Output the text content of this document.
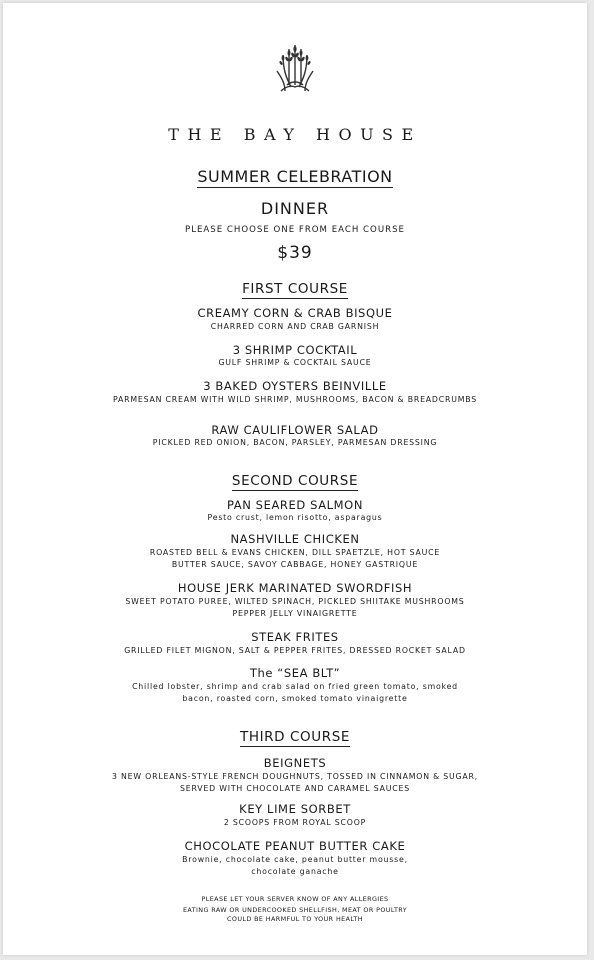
THE BAY HOUSE
SUMMER CELEBRATION
DINNER
PLEASE CHOOSE ONE FROM EACH COURSE
$39
FIRST COURSE
CREAMY CORN & CRAB BISQUE
CHARRED CORN AND CRAB GARNISH
3 SHRIMP COCKTAIL
GULF SHRIMP & COCKTAIL SAUCE
3 BAKED OYSTERS BEINVILLE
PARMESAN CREAM WITH WILD SHRIMP, MUSHROOMS, BACON & BREADCRUMBS
RAW CAULIFLOWER SALAD
PICKLED RED ONION, BACON, PARSLEY, PARMESAN DRESSING
SECOND COURSE
PAN SEARED SALMON
Pesto crust, lemon risotto, asparagus
NASHVILLE CHICKEN
ROASTED BELL & EVANS CHICKEN, DILL SPAETZLE, HOT SAUCE
BUTTER SAUCE, SAVOY CABBAGE, HONEY GASTRIQUE
HOUSE JERK MARINATED SWORDFISH
SWEET POTATO PUREE, WILTED SPINACH, PICKLED SHIITAKE MUSHROOMS
PEPPER JELLY VINAIGRETTE
STEAK FRITES
GRILLED FILET MIGNON, SALT & PEPPER FRITES, DRESSED ROCKET SALAD
The “SEA BLT”
Chilled lobster, shrimp and crab salad on fried green tomato, smoked
bacon, roasted corn, smoked tomato vinaigrette
THIRD COURSE
BEIGNETS
3 NEW ORLEANS-STYLE FRENCH DOUGHNUTS, TOSSED IN CINNAMON & SUGAR,
SERVED WITH CHOCOLATE AND CARAMEL SAUCES
KEY LIME SORBET
2 SCOOPS FROM ROYAL SCOOP
CHOCOLATE PEANUT BUTTER CAKE
Brownie, chocolate cake, peanut butter mousse,
chocolate ganache
PLEASE LET YOUR SERVER KNOW OF ANY ALLERGIES
EATING RAW OR UNDERCOOKED SHELLFISH, MEAT OR POULTRY
COULD BE HARMFUL TO YOUR HEALTH
